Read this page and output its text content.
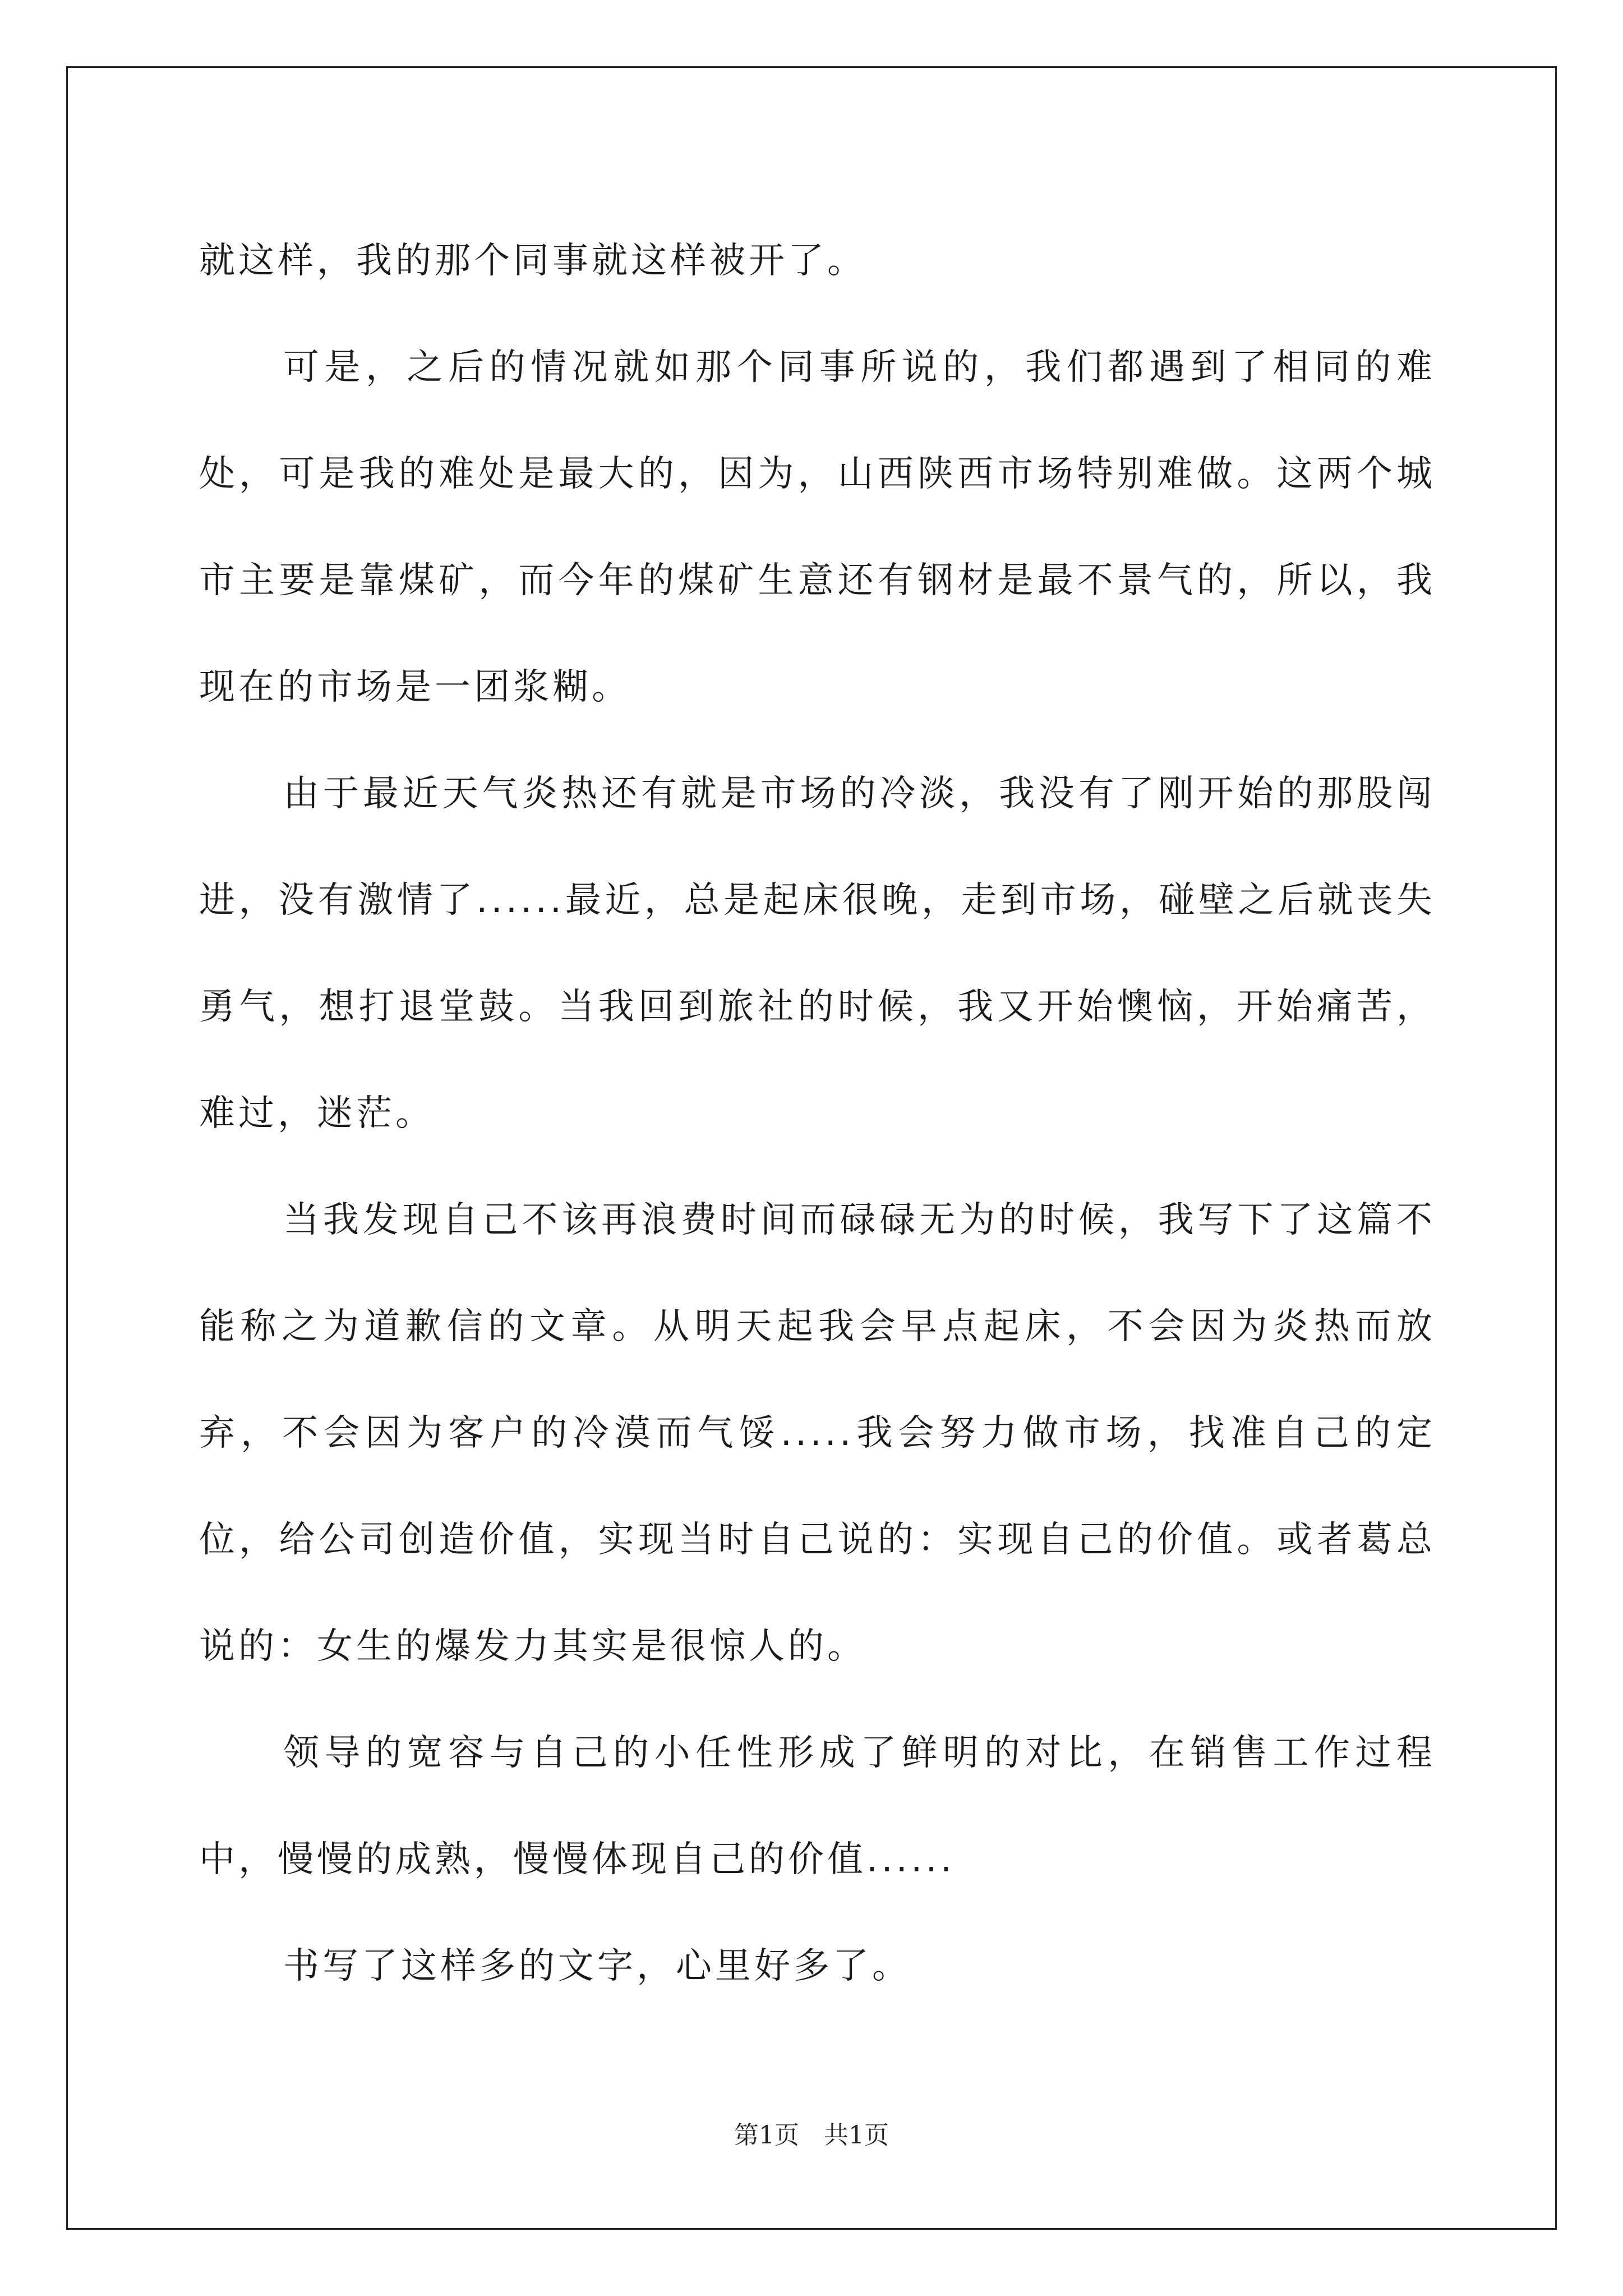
就这样，我的那个同事就这样被开了。

可是，之后的情况就如那个同事所说的，我们都遇到了相同的难处，可是我的难处是最大的，因为，山西陕西市场特别难做。这两个城市主要是靠煤矿，而今年的煤矿生意还有钢材是最不景气的，所以，我现在的市场是一团浆糊。

由于最近天气炎热还有就是市场的冷淡，我没有了刚开始的那股闯进，没有激情了......最近，总是起床很晚，走到市场，碰壁之后就丧失勇气，想打退堂鼓。当我回到旅社的时候，我又开始懊恼，开始痛苦，难过，迷茫。

当我发现自己不该再浪费时间而碌碌无为的时候，我写下了这篇不能称之为道歉信的文章。从明天起我会早点起床，不会因为炎热而放弃，不会因为客户的冷漠而气馁.....我会努力做市场，找准自己的定位，给公司创造价值，实现当时自己说的：实现自己的价值。或者葛总说的：女生的爆发力其实是很惊人的。

领导的宽容与自己的小任性形成了鲜明的对比，在销售工作过程中，慢慢的成熟，慢慢体现自己的价值......

书写了这样多的文字，心里好多了。

第1页　共1页
